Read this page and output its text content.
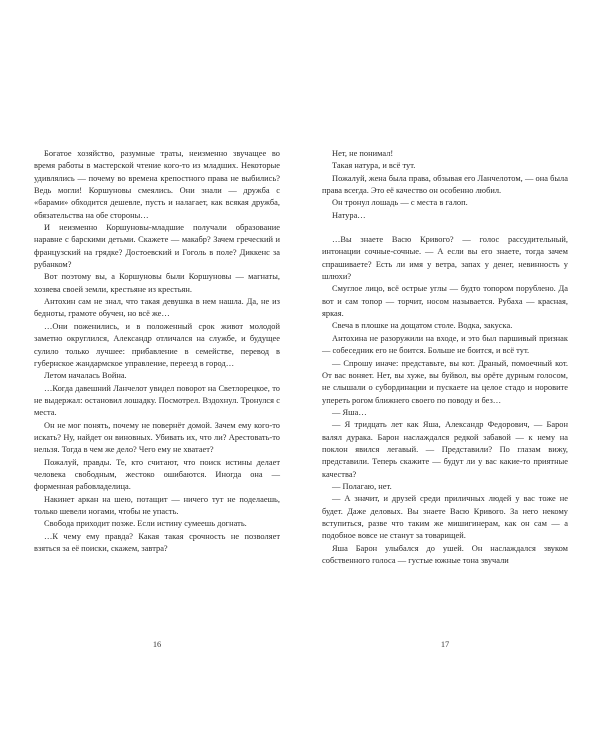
Богатое хозяйство, разумные траты, неизменно звучащее во время работы в мастерской чтение кого-то из младших. Некоторые удивлялись — почему во времена крепостного права не выбились? Ведь могли! Коршуновы смеялись. Они знали — дружба с «барами» обходится дешевле, пусть и налагает, как всякая дружба, обязательства на обе стороны…

И неизменно Коршуновы-младшие получали образование наравне с барскими детьми. Скажете — макабр? Зачем греческий и французский на грядке? Достоевский и Гоголь в поле? Диккенс за рубанком?

Вот поэтому вы, а Коршуновы были Коршуновы — магнаты, хозяева своей земли, крестьяне из крестьян.

Антохин сам не знал, что такая девушка в нем нашла. Да, не из бедноты, грамоте обучен, но всё же…

…Они поженились, и в положенный срок живот молодой заметно округлился, Александр отличался на службе, и будущее сулило только лучшее: прибавление в семействе, перевод в губернское жандармское управление, переезд в город…

Летом началась Война.

…Когда давешний Ланчелот увидел поворот на Светлорецкое, то не выдержал: остановил лошадку. Посмотрел. Вздохнул. Тронулся с места.

Он не мог понять, почему не повернёт домой. Зачем ему кого-то искать? Ну, найдет он виновных. Убивать их, что ли? Арестовать-то нельзя. Тогда в чем же дело? Чего ему не хватает?

Пожалуй, правды. Те, кто считают, что поиск истины делает человека свободным, жестоко ошибаются. Иногда она — форменная рабовладелица.

Накинет аркан на шею, потащит — ничего тут не поделаешь, только шевели ногами, чтобы не упасть.

Свобода приходит позже. Если истину сумеешь догнать.

…К чему ему правда? Какая такая срочность не позволяет взяться за её поиски, скажем, завтра?

16

Нет, не понимал!

Такая натура, и всё тут.

Пожалуй, жена была права, обзывая его Ланчелотом, — она была права всегда. Это её качество он особенно любил.

Он тронул лошадь — с места в галоп.

Натура…

…Вы знаете Васю Кривого? — голос рассудительный, интонации сочные-сочные. — А если вы его знаете, тогда зачем спрашиваете? Есть ли имя у ветра, запах у денег, невинность у шлюхи?

Смуглое лицо, всё острые углы — будто топором порублено. Да вот и сам топор — торчит, носом называется. Рубаха — красная, яркая.

Свеча в плошке на дощатом столе. Водка, закуска.

Антохина не разоружили на входе, и это был паршивый признак — собеседник его не боится. Больше не боится, и всё тут.

— Спрошу иначе: представьте, вы кот. Драный, помоечный кот. От вас воняет. Нет, вы хуже, вы буйвол, вы орёте дурным голосом, не слышали о субординации и пускаете на целое стадо и норовите упереть рогом ближнего своего по поводу и без…

— Яша…

— Я тридцать лет как Яша, Александр Федорович, — Барон валял дурака. Барон наслаждался редкой забавой — к нему на поклон явился легавый. — Представили? По глазам вижу, представили. Теперь скажите — будут ли у вас какие-то приятные качества?

— Полагаю, нет.

— А значит, и друзей среди приличных людей у вас тоже не будет. Даже деловых. Вы знаете Васю Кривого. За него некому вступиться, разве что таким же мишигинерам, как он сам — а подобное вовсе не станут за товарищей.

Яша Барон улыбался до ушей. Он наслаждался звуком собственного голоса — густые южные тона звучали

17
